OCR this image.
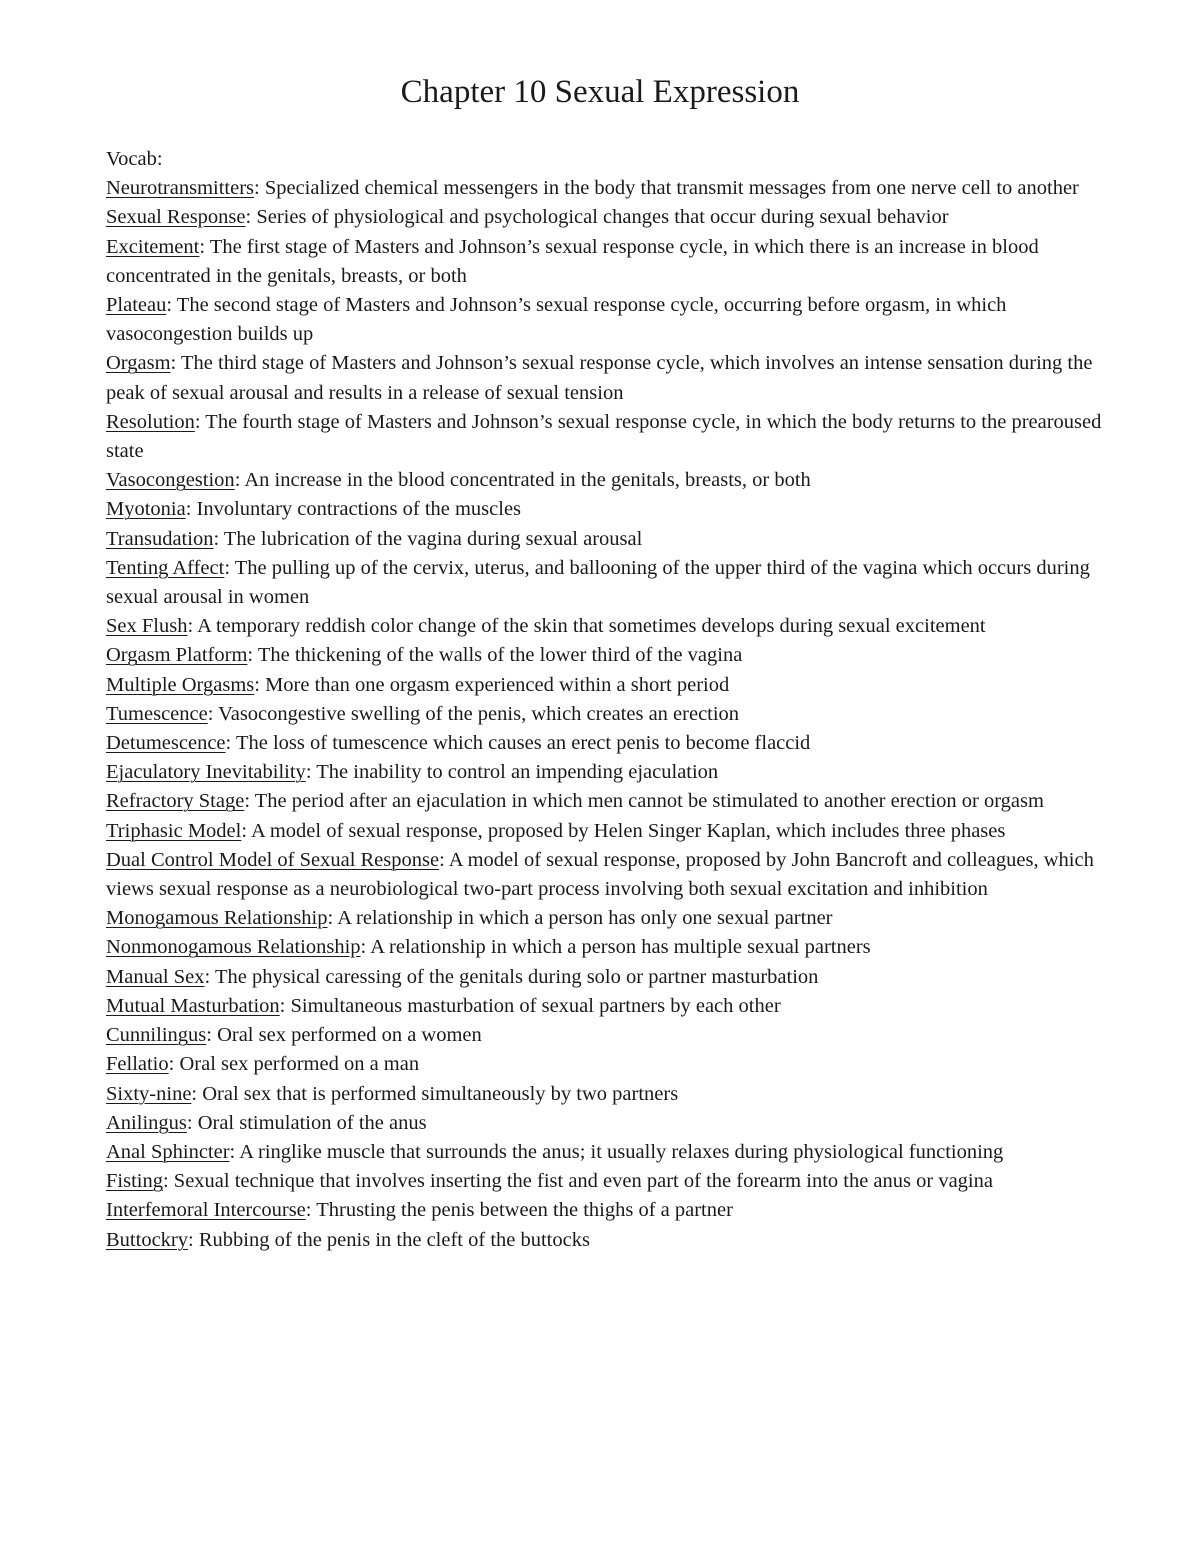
Chapter 10 Sexual Expression

Vocab:

Neurotransmitters: Specialized chemical messengers in the body that transmit messages from one nerve cell to another

Sexual Response: Series of physiological and psychological changes that occur during sexual behavior

Excitement: The first stage of Masters and Johnson’s sexual response cycle, in which there is an increase in blood concentrated in the genitals, breasts, or both

Plateau: The second stage of Masters and Johnson’s sexual response cycle, occurring before orgasm, in which vasocongestion builds up

Orgasm: The third stage of Masters and Johnson’s sexual response cycle, which involves an intense sensation during the peak of sexual arousal and results in a release of sexual tension

Resolution: The fourth stage of Masters and Johnson’s sexual response cycle, in which the body returns to the prearoused state

Vasocongestion: An increase in the blood concentrated in the genitals, breasts, or both

Myotonia: Involuntary contractions of the muscles

Transudation: The lubrication of the vagina during sexual arousal

Tenting Affect: The pulling up of the cervix, uterus, and ballooning of the upper third of the vagina which occurs during sexual arousal in women

Sex Flush: A temporary reddish color change of the skin that sometimes develops during sexual excitement

Orgasm Platform: The thickening of the walls of the lower third of the vagina

Multiple Orgasms: More than one orgasm experienced within a short period

Tumescence: Vasocongestive swelling of the penis, which creates an erection

Detumescence: The loss of tumescence which causes an erect penis to become flaccid

Ejaculatory Inevitability: The inability to control an impending ejaculation

Refractory Stage: The period after an ejaculation in which men cannot be stimulated to another erection or orgasm

Triphasic Model: A model of sexual response, proposed by Helen Singer Kaplan, which includes three phases

Dual Control Model of Sexual Response: A model of sexual response, proposed by John Bancroft and colleagues, which views sexual response as a neurobiological two-part process involving both sexual excitation and inhibition

Monogamous Relationship: A relationship in which a person has only one sexual partner

Nonmonogamous Relationship: A relationship in which a person has multiple sexual partners

Manual Sex: The physical caressing of the genitals during solo or partner masturbation

Mutual Masturbation: Simultaneous masturbation of sexual partners by each other

Cunnilingus: Oral sex performed on a women

Fellatio: Oral sex performed on a man

Sixty-nine: Oral sex that is performed simultaneously by two partners

Anilingus: Oral stimulation of the anus

Anal Sphincter: A ringlike muscle that surrounds the anus; it usually relaxes during physiological functioning

Fisting: Sexual technique that involves inserting the fist and even part of the forearm into the anus or vagina

Interfemoral Intercourse: Thrusting the penis between the thighs of a partner

Buttockry: Rubbing of the penis in the cleft of the buttocks
